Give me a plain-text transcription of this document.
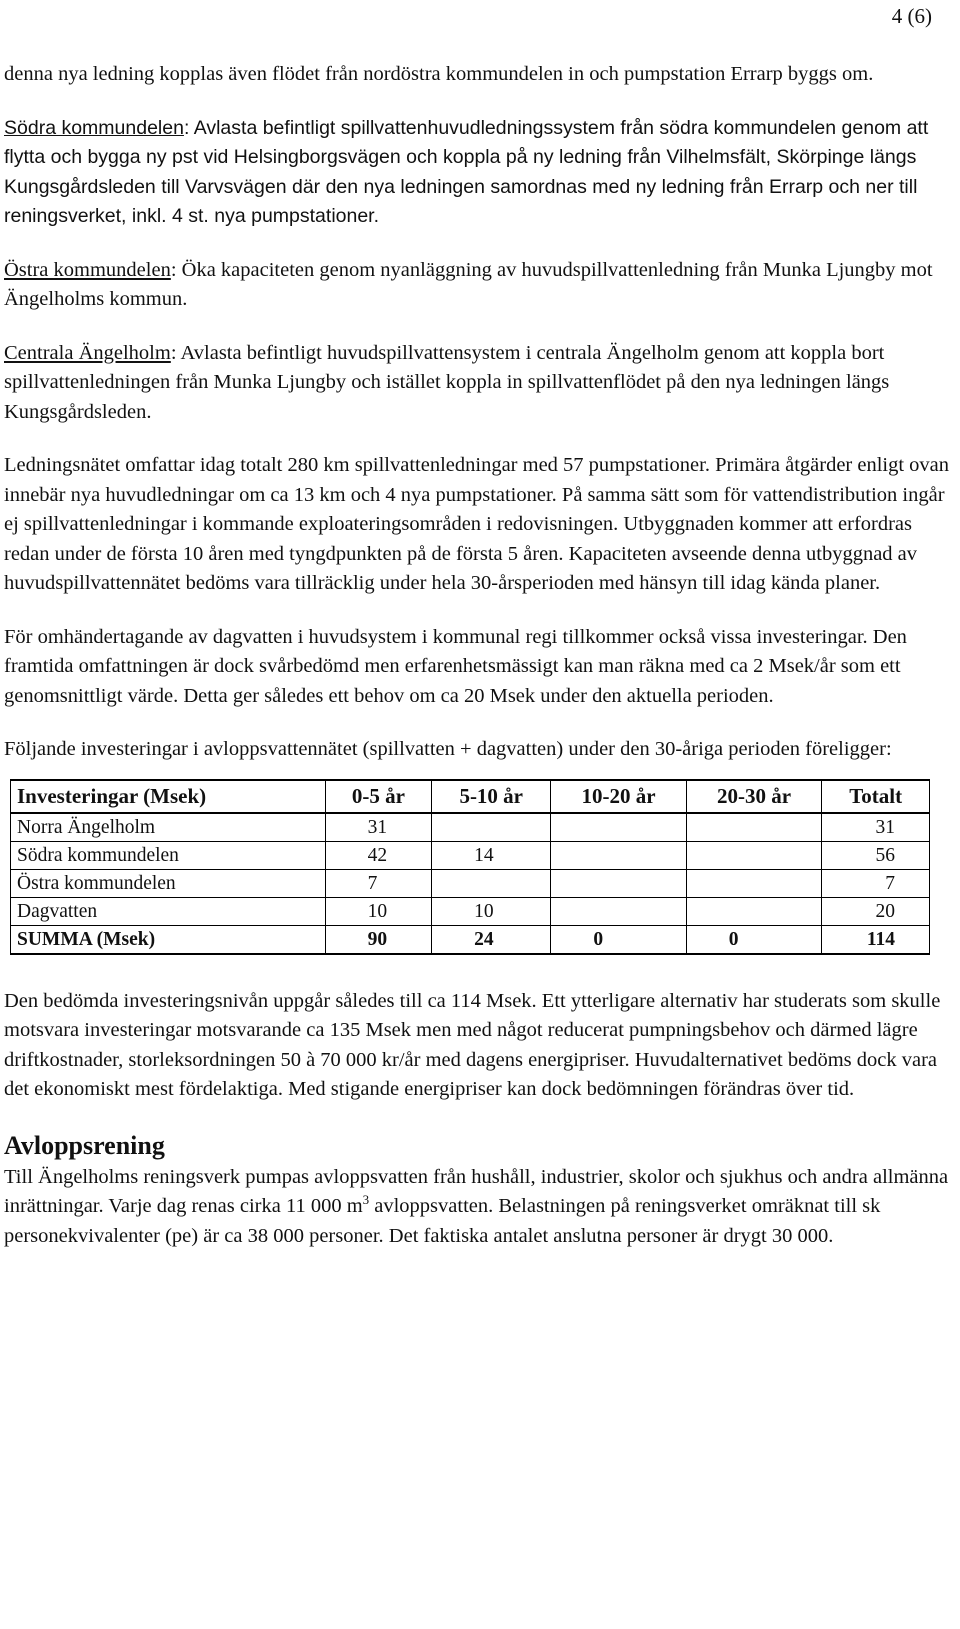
4 (6)

denna nya ledning kopplas även flödet från nordöstra kommundelen in och pumpstation Errarp byggs om.

Södra kommundelen: Avlasta befintligt spillvattenhuvudledningssystem från södra kommundelen genom att flytta och bygga ny pst vid Helsingborgsvägen och koppla på ny ledning från Vilhelmsfält, Skörpinge längs Kungsgårdsleden till Varvsvägen där den nya ledningen samordnas med ny ledning från Errarp och ner till reningsverket, inkl. 4 st. nya pumpstationer.

Östra kommundelen: Öka kapaciteten genom nyanläggning av huvudspillvattenledning från Munka Ljungby mot Ängelholms kommun.

Centrala Ängelholm: Avlasta befintligt huvudspillvattensystem i centrala Ängelholm genom att koppla bort spillvattenledningen från Munka Ljungby och istället koppla in spillvattenflödet på den nya ledningen längs Kungsgårdsleden.

Ledningsnätet omfattar idag totalt 280 km spillvattenledningar med 57 pumpstationer. Primära åtgärder enligt ovan innebär nya huvudledningar om ca 13 km och 4 nya pumpstationer. På samma sätt som för vattendistribution ingår ej spillvattenledningar i kommande exploateringsområden i redovisningen. Utbyggnaden kommer att erfordras redan under de första 10 åren med tyngdpunkten på de första 5 åren. Kapaciteten avseende denna utbyggnad av huvudspillvattennätet bedöms vara tillräcklig under hela 30-årsperioden med hänsyn till idag kända planer.

För omhändertagande av dagvatten i huvudsystem i kommunal regi tillkommer också vissa investeringar. Den framtida omfattningen är dock svårbedömd men erfarenhetsmässigt kan man räkna med ca 2 Msek/år som ett genomsnittligt värde. Detta ger således ett behov om ca 20 Msek under den aktuella perioden.

Följande investeringar i avloppsvattennätet (spillvatten + dagvatten) under den 30-åriga perioden föreligger:

Investeringar (Msek)	0-5 år	5-10 år	10-20 år	20-30 år	Totalt
Norra Ängelholm	31				31
Södra kommundelen	42	14			56
Östra kommundelen	7				7
Dagvatten	10	10			20
SUMMA (Msek)	90	24	0	0	114

Den bedömda investeringsnivån uppgår således till ca 114 Msek. Ett ytterligare alternativ har studerats som skulle motsvara investeringar motsvarande ca 135 Msek men med något reducerat pumpningsbehov och därmed lägre driftkostnader, storleksordningen 50 à 70 000 kr/år med dagens energipriser. Huvudalternativet bedöms dock vara det ekonomiskt mest fördelaktiga. Med stigande energipriser kan dock bedömningen förändras över tid.

Avloppsrening

Till Ängelholms reningsverk pumpas avloppsvatten från hushåll, industrier, skolor och sjukhus och andra allmänna inrättningar. Varje dag renas cirka 11 000 $m^3$ avloppsvatten. Belastningen på reningsverket omräknat till sk personekvivalenter (pe) är ca 38 000 personer. Det faktiska antalet anslutna personer är drygt 30 000.
